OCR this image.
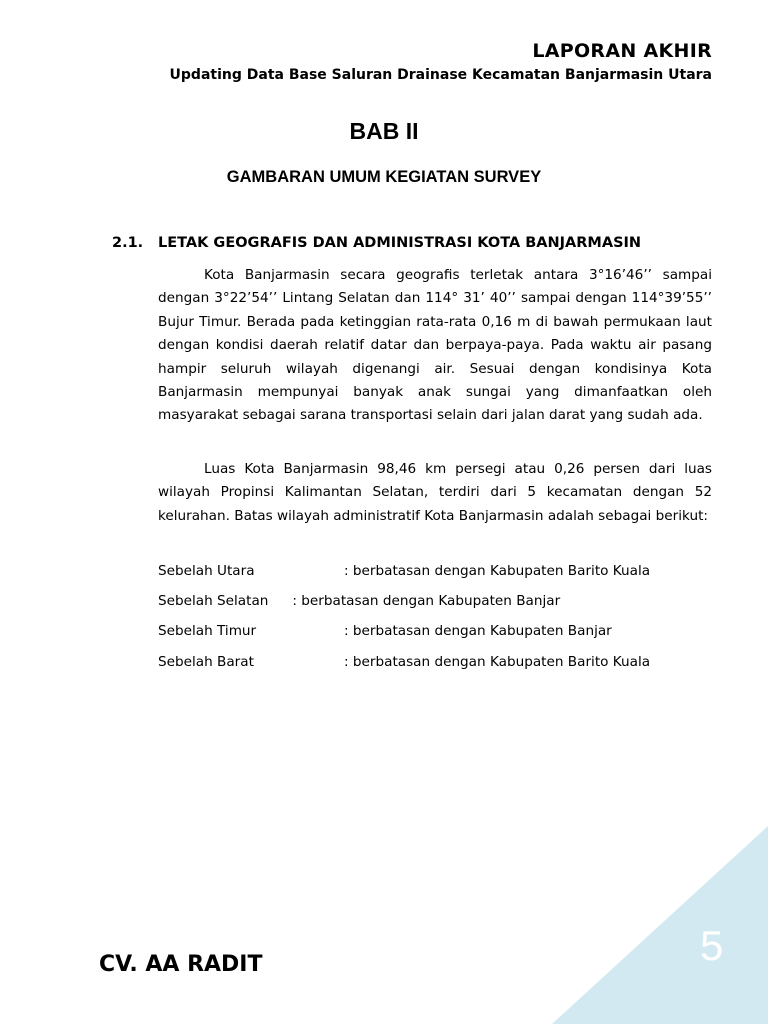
LAPORAN AKHIR
Updating Data Base Saluran Drainase Kecamatan Banjarmasin Utara
BAB II
GAMBARAN UMUM KEGIATAN SURVEY
2.1. LETAK GEOGRAFIS DAN ADMINISTRASI KOTA BANJARMASIN

Kota Banjarmasin secara geografis terletak antara 3°16’46’’ sampai dengan 3°22’54’’ Lintang Selatan dan 114° 31’ 40’’ sampai dengan 114°39’55’’ Bujur Timur. Berada pada ketinggian rata-rata 0,16 m di bawah permukaan laut dengan kondisi daerah relatif datar dan berpaya-paya. Pada waktu air pasang hampir seluruh wilayah digenangi air. Sesuai dengan kondisinya Kota Banjarmasin mempunyai banyak anak sungai yang dimanfaatkan oleh masyarakat sebagai sarana transportasi selain dari jalan darat yang sudah ada.

Luas Kota Banjarmasin 98,46 km persegi atau 0,26 persen dari luas wilayah Propinsi Kalimantan Selatan, terdiri dari 5 kecamatan dengan 52 kelurahan. Batas wilayah administratif Kota Banjarmasin adalah sebagai berikut:

Sebelah Utara	: berbatasan dengan Kabupaten Barito Kuala
Sebelah Selatan : berbatasan dengan Kabupaten Banjar
Sebelah Timur	: berbatasan dengan Kabupaten Banjar
Sebelah Barat	: berbatasan dengan Kabupaten Barito Kuala
5
CV. AA RADIT
